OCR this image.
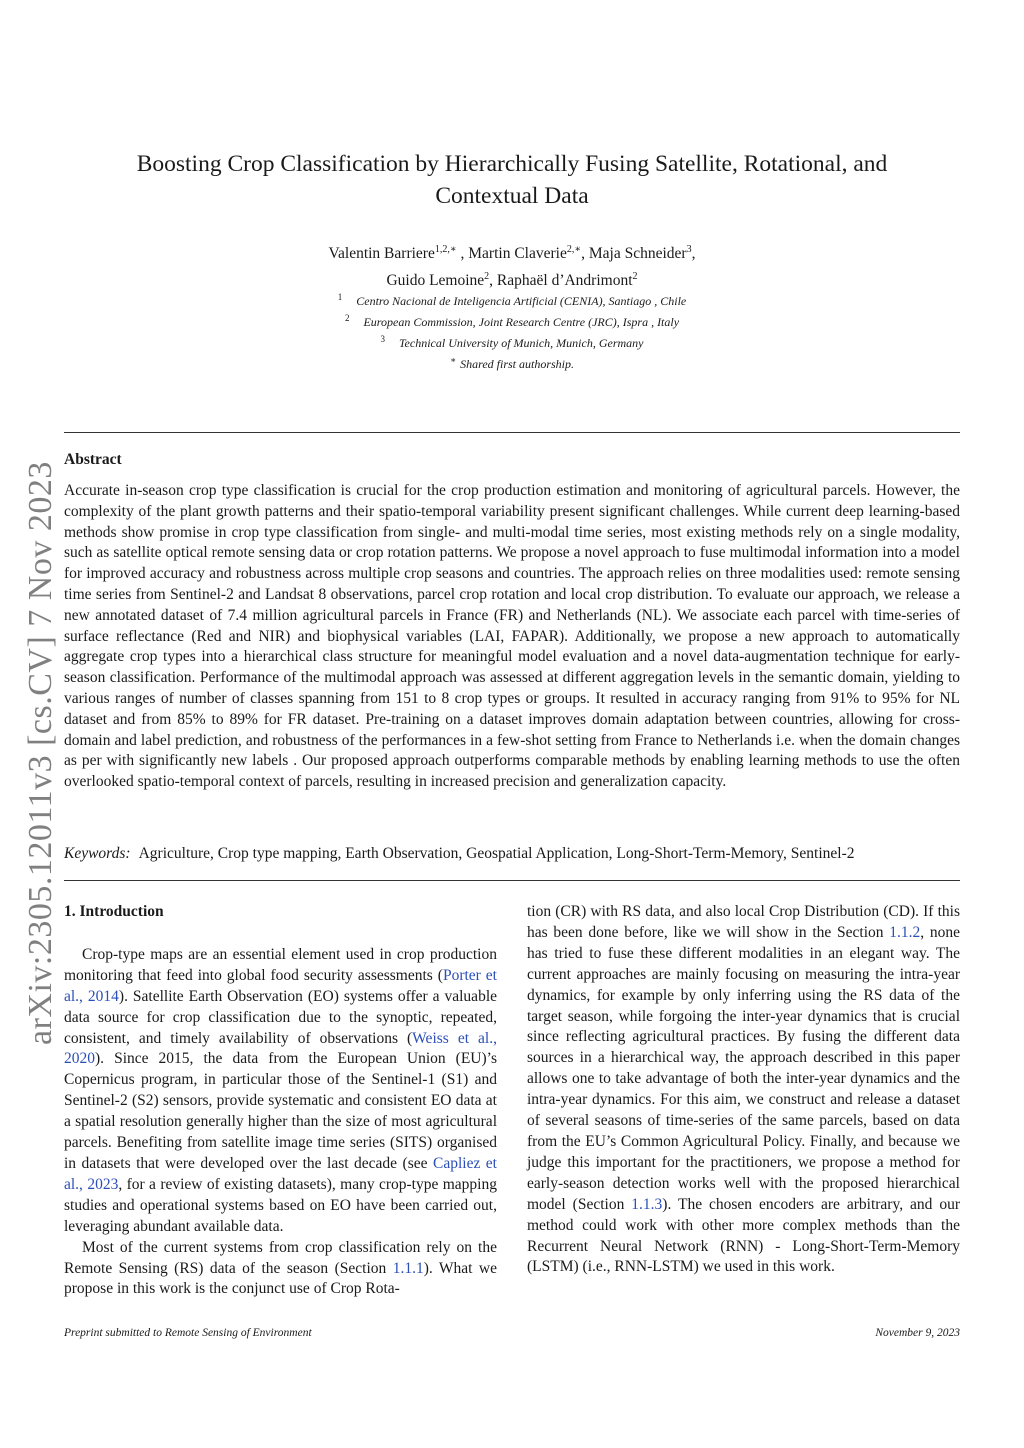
arXiv:2305.12011v3 [cs.CV] 7 Nov 2023
Boosting Crop Classification by Hierarchically Fusing Satellite, Rotational, and Contextual Data
Valentin Barriere$^{1,2,∗}$ , Martin Claverie$^{2,∗}$, Maja Schneider$^3$,
Guido Lemoine$^2$, Raphaël d’Andrimont$^2$
$^1$ Centro Nacional de Inteligencia Artificial (CENIA), Santiago , Chile
$^2$ European Commission, Joint Research Centre (JRC), Ispra , Italy
$^3$ Technical University of Munich, Munich, Germany
∗ Shared first authorship.
Abstract
Accurate in-season crop type classification is crucial for the crop production estimation and monitoring of agricultural parcels. However, the complexity of the plant growth patterns and their spatio-temporal variability present significant challenges. While current deep learning-based methods show promise in crop type classification from single- and multi-modal time series, most existing methods rely on a single modality, such as satellite optical remote sensing data or crop rotation patterns. We propose a novel approach to fuse multimodal information into a model for improved accuracy and robustness across multiple crop seasons and countries. The approach relies on three modalities used: remote sensing time series from Sentinel-2 and Landsat 8 observations, parcel crop rotation and local crop distribution. To evaluate our approach, we release a new annotated dataset of 7.4 million agricultural parcels in France (FR) and Netherlands (NL). We associate each parcel with time-series of surface reflectance (Red and NIR) and biophysical variables (LAI, FAPAR). Additionally, we propose a new approach to automatically aggregate crop types into a hierarchical class structure for meaningful model evaluation and a novel data-augmentation technique for early-season classification. Performance of the multimodal approach was assessed at different aggregation levels in the semantic domain, yielding to various ranges of number of classes spanning from 151 to 8 crop types or groups. It resulted in accuracy ranging from 91% to 95% for NL dataset and from 85% to 89% for FR dataset. Pre-training on a dataset improves domain adaptation between countries, allowing for cross- domain and label prediction, and robustness of the performances in a few-shot setting from France to Netherlands i.e. when the domain changes as per with significantly new labels . Our proposed approach outperforms comparable methods by enabling learning methods to use the often overlooked spatio-temporal context of parcels, resulting in increased precision and generalization capacity.
Keywords: Agriculture, Crop type mapping, Earth Observation, Geospatial Application, Long-Short-Term-Memory, Sentinel-2
1. Introduction

Crop-type maps are an essential element used in crop production monitoring that feed into global food security assessments (Porter et al., 2014). Satellite Earth Observation (EO) systems offer a valuable data source for crop classification due to the synoptic, repeated, consistent, and timely availability of observations (Weiss et al., 2020). Since 2015, the data from the European Union (EU)’s Copernicus program, in particular those of the Sentinel-1 (S1) and Sentinel-2 (S2) sensors, provide systematic and consistent EO data at a spatial resolution generally higher than the size of most agricultural parcels. Benefiting from satellite image time series (SITS) organised in datasets that were developed over the last decade (see Capliez et al., 2023, for a review of existing datasets), many crop-type mapping studies and operational systems based on EO have been carried out, leveraging abundant available data.

Most of the current systems from crop classification rely on the Remote Sensing (RS) data of the season (Section 1.1.1). What we propose in this work is the conjunct use of Crop Rota-

tion (CR) with RS data, and also local Crop Distribution (CD). If this has been done before, like we will show in the Section 1.1.2, none has tried to fuse these different modalities in an elegant way. The current approaches are mainly focusing on measuring the intra-year dynamics, for example by only inferring using the RS data of the target season, while forgoing the inter-year dynamics that is crucial since reflecting agricultural practices. By fusing the different data sources in a hierarchical way, the approach described in this paper allows one to take advantage of both the inter-year dynamics and the intra-year dynamics. For this aim, we construct and release a dataset of several seasons of time-series of the same parcels, based on data from the EU’s Common Agricultural Policy. Finally, and because we judge this important for the practitioners, we propose a method for early-season detection works well with the proposed hierarchical model (Section 1.1.3). The chosen encoders are arbitrary, and our method could work with other more complex methods than the Recurrent Neural Network (RNN) - Long-Short-Term-Memory (LSTM) (i.e., RNN-LSTM) we used in this work.

Preprint submitted to Remote Sensing of Environment	November 9, 2023
